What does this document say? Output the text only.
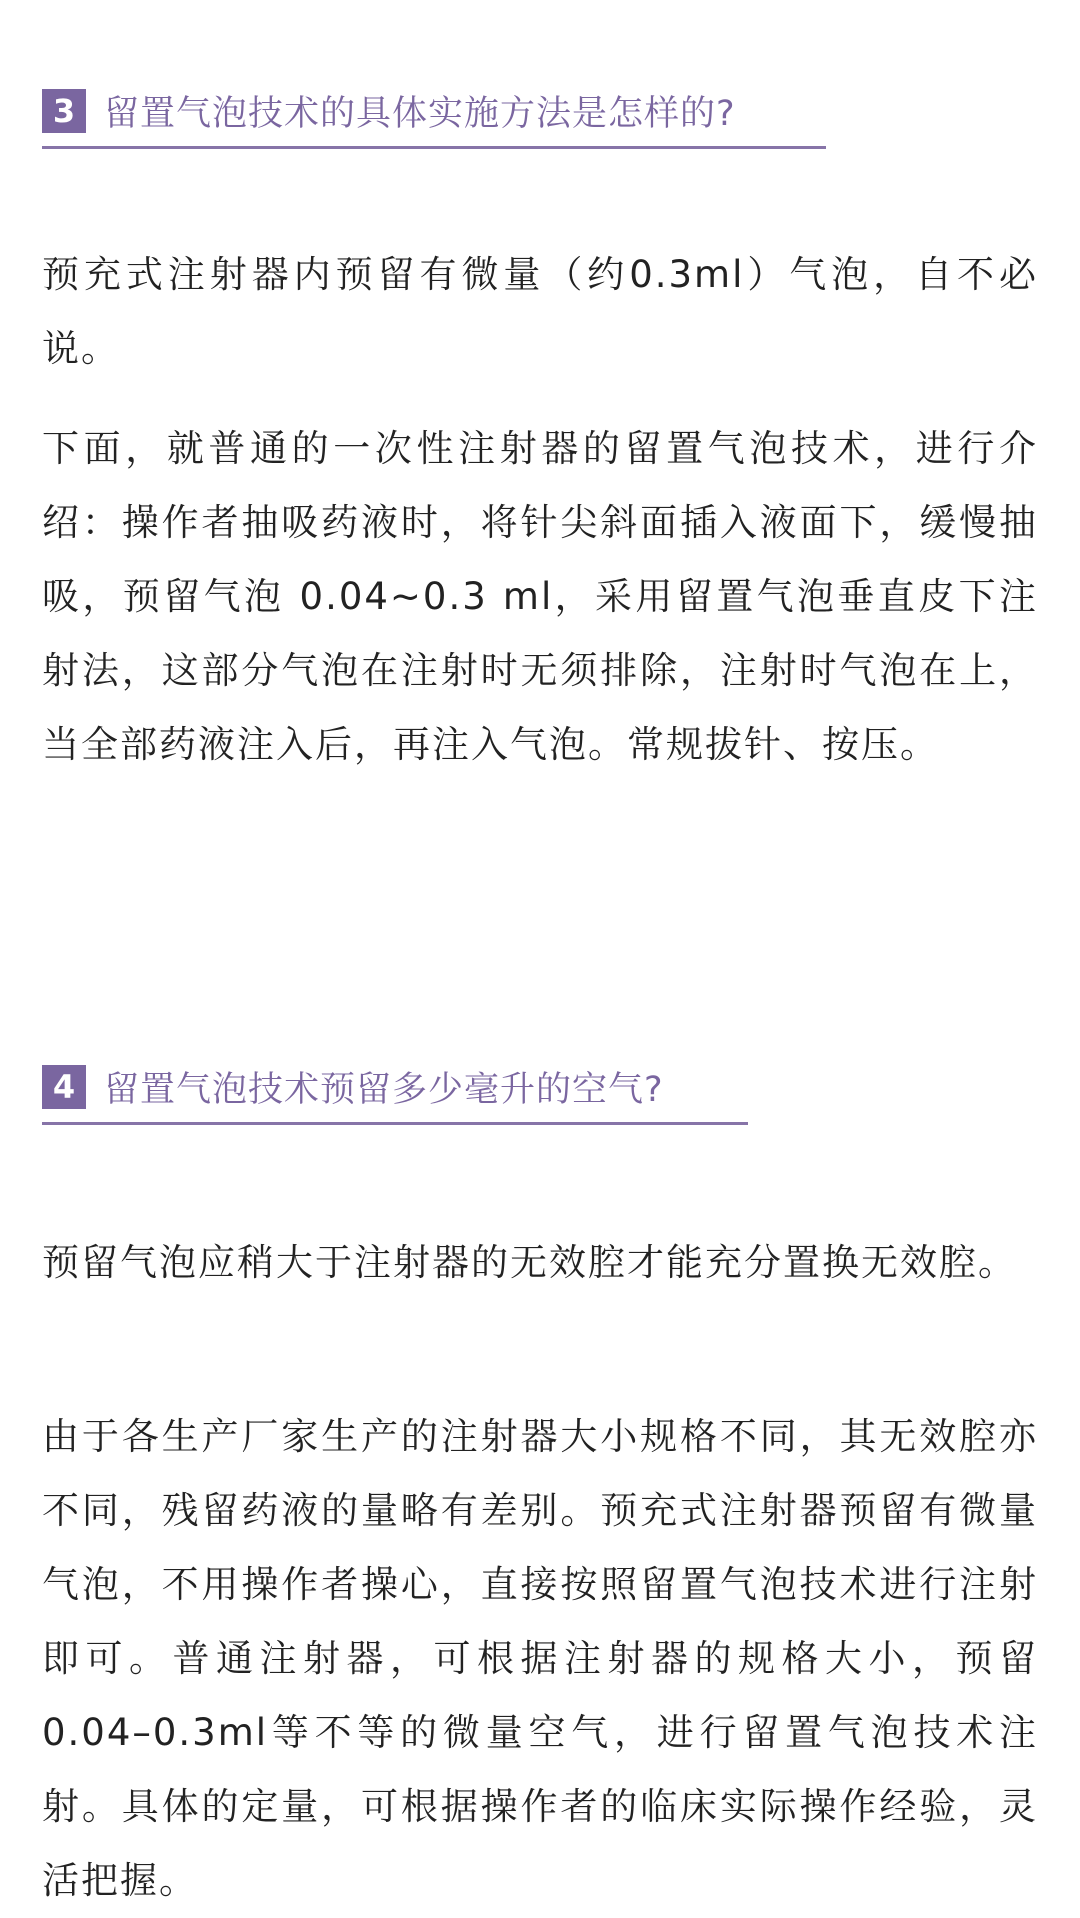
3 留置气泡技术的具体实施方法是怎样的?

预充式注射器内预留有微量（约0.3ml）气泡，自不必说。

下面，就普通的一次性注射器的留置气泡技术，进行介绍：操作者抽吸药液时，将针尖斜面插入液面下，缓慢抽吸，预留气泡 0.04~0.3 ml，采用留置气泡垂直皮下注射法，这部分气泡在注射时无须排除，注射时气泡在上，当全部药液注入后，再注入气泡。常规拔针、按压。

4 留置气泡技术预留多少毫升的空气?

预留气泡应稍大于注射器的无效腔才能充分置换无效腔。

由于各生产厂家生产的注射器大小规格不同，其无效腔亦不同，残留药液的量略有差别。预充式注射器预留有微量气泡，不用操作者操心，直接按照留置气泡技术进行注射即可。普通注射器，可根据注射器的规格大小，预留0.04–0.3ml等不等的微量空气，进行留置气泡技术注射。具体的定量，可根据操作者的临床实际操作经验，灵活把握。
